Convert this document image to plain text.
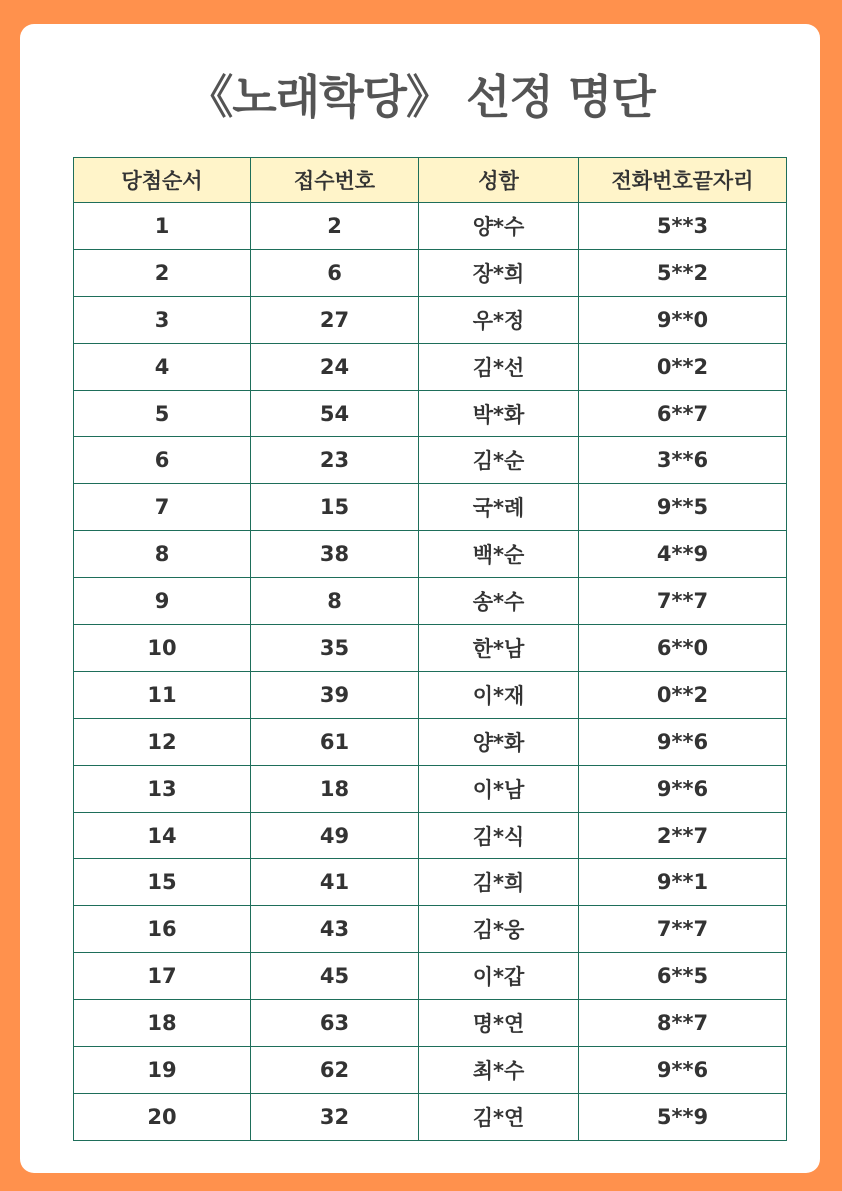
《노래학당》 선정 명단
당첨순서	접수번호	성함	전화번호끝자리
1	2	양*수	5**3
2	6	장*희	5**2
3	27	우*정	9**0
4	24	김*선	0**2
5	54	박*화	6**7
6	23	김*순	3**6
7	15	국*례	9**5
8	38	백*순	4**9
9	8	송*수	7**7
10	35	한*남	6**0
11	39	이*재	0**2
12	61	양*화	9**6
13	18	이*남	9**6
14	49	김*식	2**7
15	41	김*희	9**1
16	43	김*웅	7**7
17	45	이*갑	6**5
18	63	명*연	8**7
19	62	최*수	9**6
20	32	김*연	5**9
